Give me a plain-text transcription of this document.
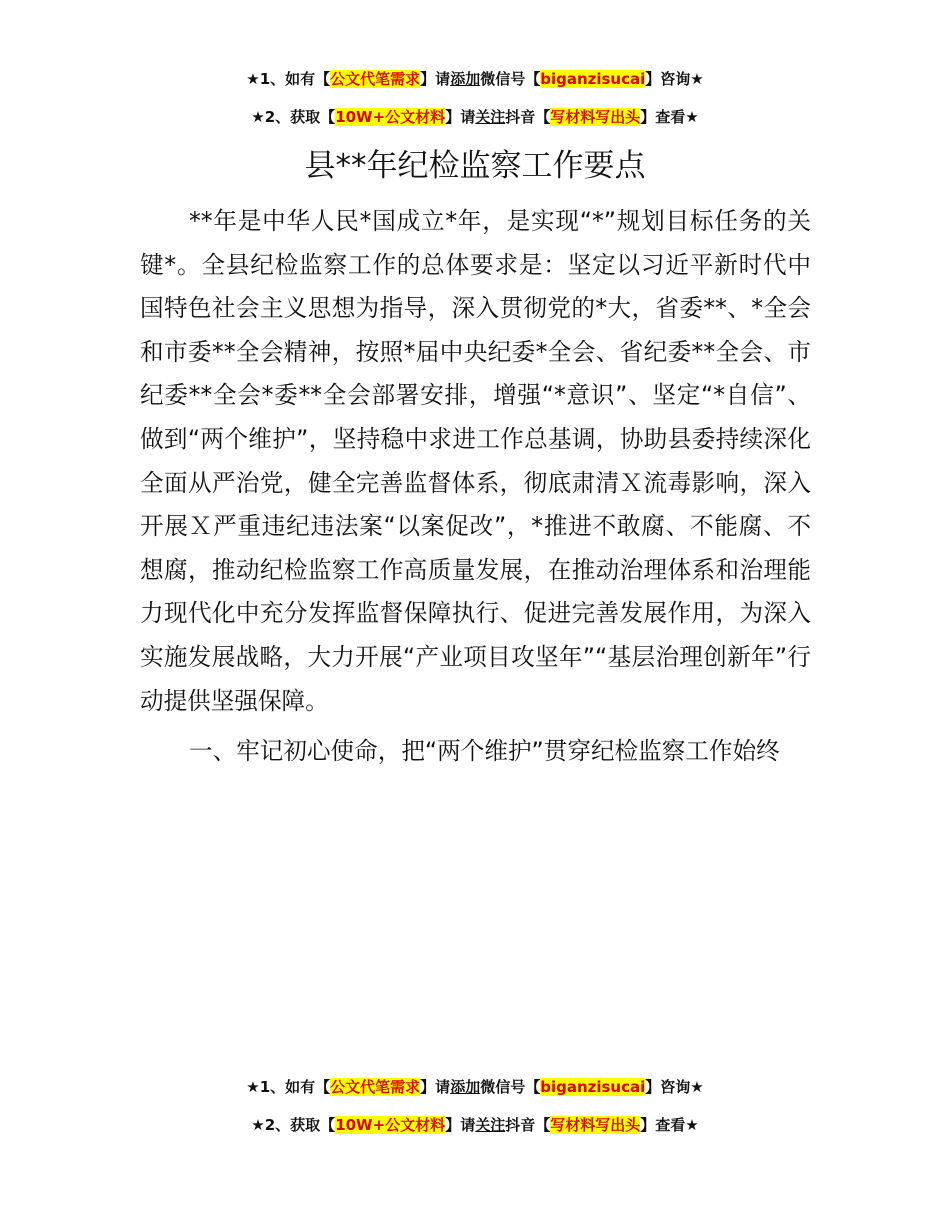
★1、如有【公文代笔需求】请添加微信号【biganzisucai】咨询★
★2、获取【10W+公文材料】请关注抖音【写材料写出头】查看★
县**年纪检监察工作要点

**年是中华人民*国成立*年，是实现“*”规划目标任务的关键*。全县纪检监察工作的总体要求是：坚定以习近平新时代中国特色社会主义思想为指导，深入贯彻党的*大，省委**、*全会和市委**全会精神，按照*届中央纪委*全会、省纪委**全会、市纪委**全会*委**全会部署安排，增强“*意识”、坚定“*自信”、做到“两个维护”，坚持稳中求进工作总基调，协助县委持续深化全面从严治党，健全完善监督体系，彻底肃清Ｘ流毒影响，深入开展Ｘ严重违纪违法案“以案促改”，*推进不敢腐、不能腐、不想腐，推动纪检监察工作高质量发展，在推动治理体系和治理能力现代化中充分发挥监督保障执行、促进完善发展作用，为深入实施发展战略，大力开展“产业项目攻坚年”“基层治理创新年”行动提供坚强保障。

一、牢记初心使命，把“两个维护”贯穿纪检监察工作始终

★1、如有【公文代笔需求】请添加微信号【biganzisucai】咨询★
★2、获取【10W+公文材料】请关注抖音【写材料写出头】查看★
